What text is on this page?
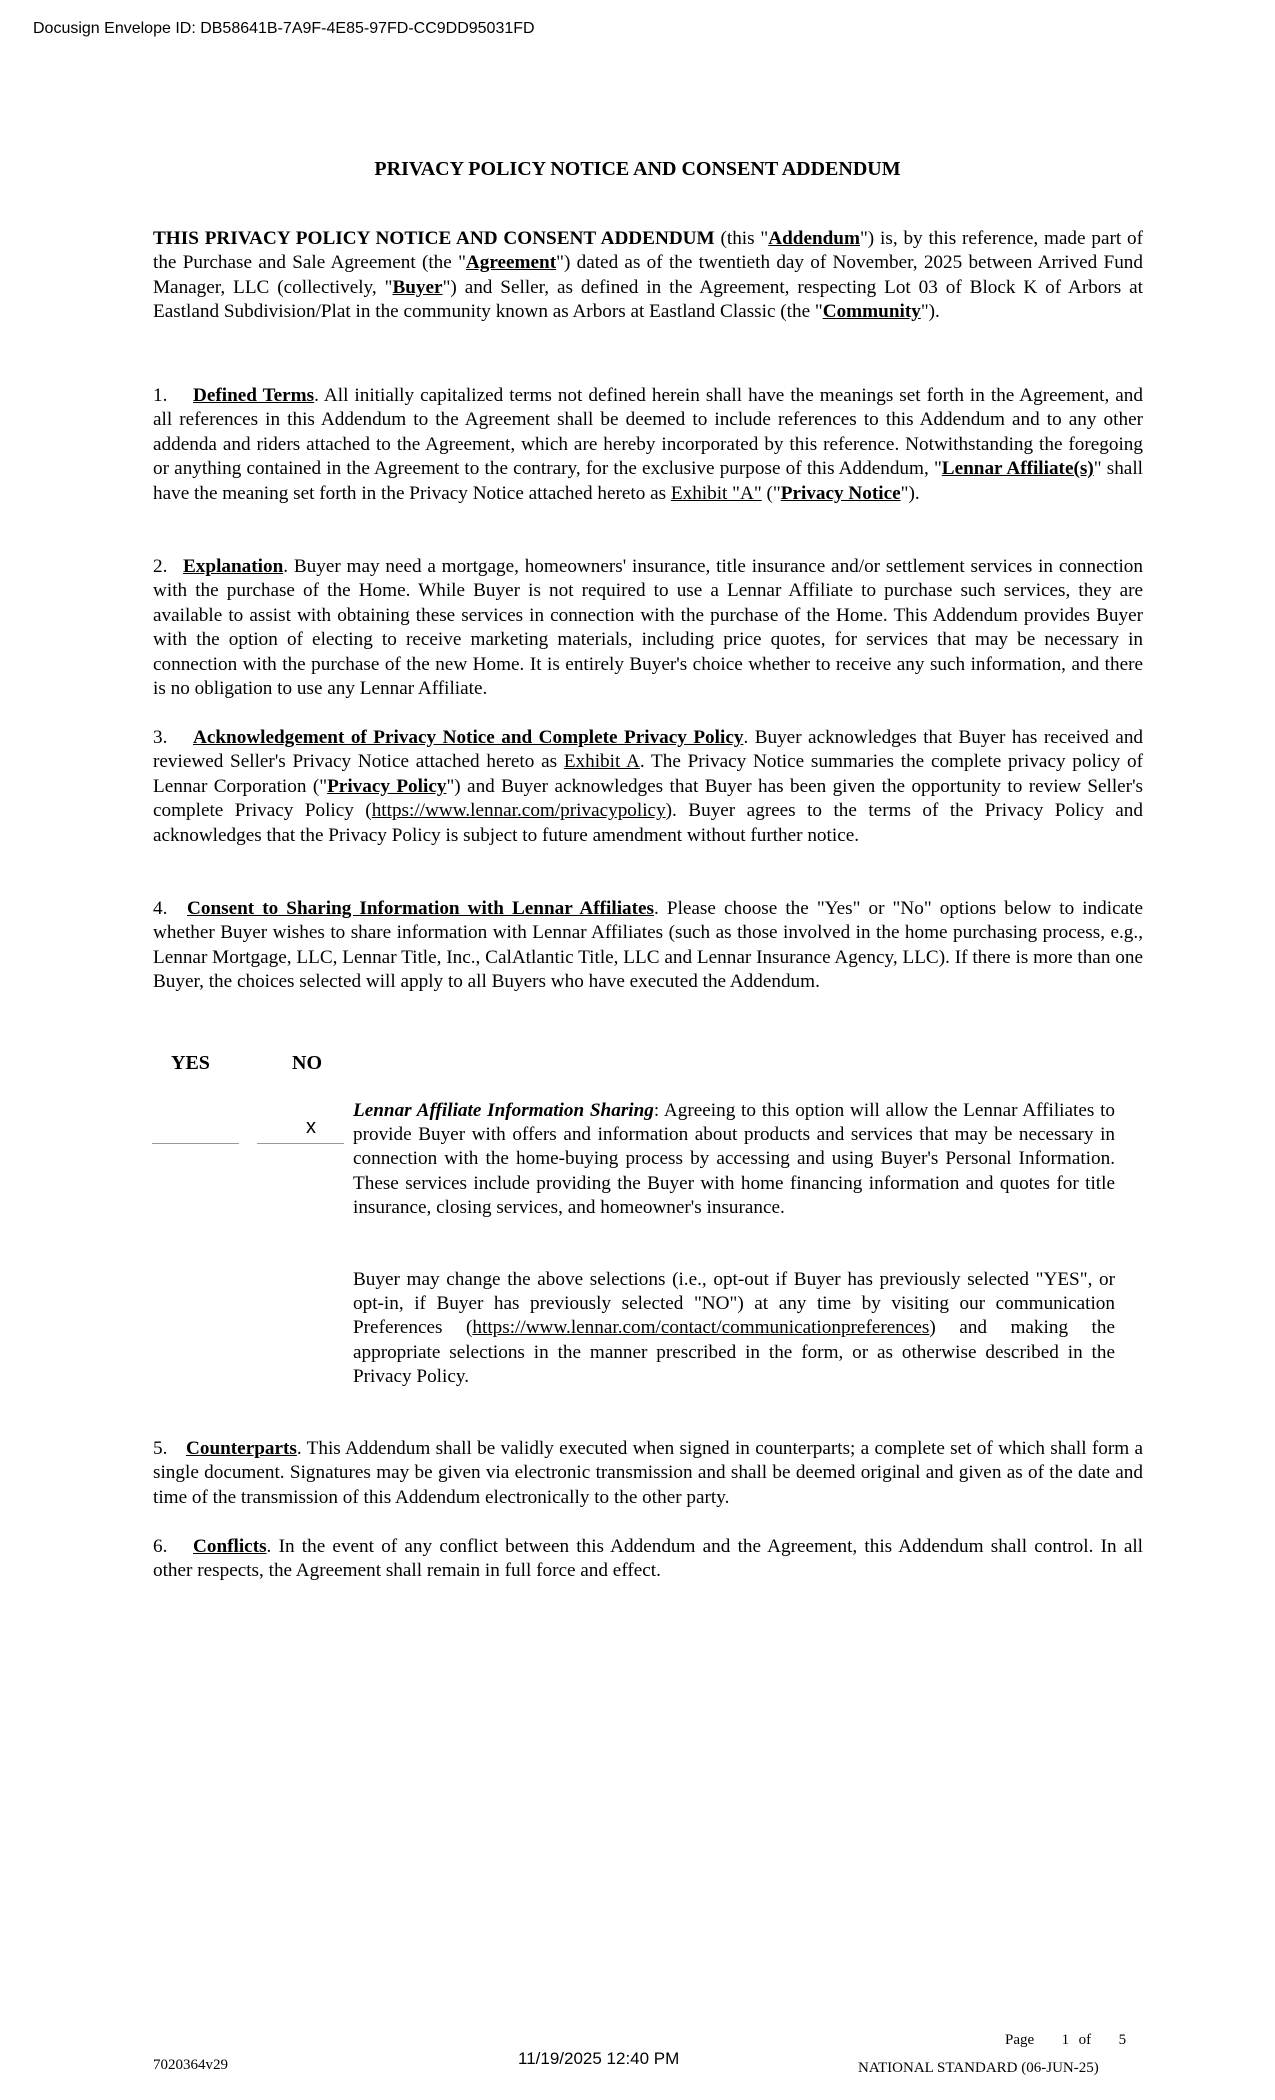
Docusign Envelope ID: DB58641B-7A9F-4E85-97FD-CC9DD95031FD
PRIVACY POLICY NOTICE AND CONSENT ADDENDUM
THIS PRIVACY POLICY NOTICE AND CONSENT ADDENDUM (this "Addendum") is, by this reference, made part of the Purchase and Sale Agreement (the "Agreement") dated as of the twentieth day of November, 2025 between Arrived Fund Manager, LLC (collectively, "Buyer") and Seller, as defined in the Agreement, respecting Lot 03 of Block K of Arbors at Eastland Subdivision/Plat in the community known as Arbors at Eastland Classic (the "Community").
1. Defined Terms. All initially capitalized terms not defined herein shall have the meanings set forth in the Agreement, and all references in this Addendum to the Agreement shall be deemed to include references to this Addendum and to any other addenda and riders attached to the Agreement, which are hereby incorporated by this reference. Notwithstanding the foregoing or anything contained in the Agreement to the contrary, for the exclusive purpose of this Addendum, "Lennar Affiliate(s)" shall have the meaning set forth in the Privacy Notice attached hereto as Exhibit "A" ("Privacy Notice").
2. Explanation. Buyer may need a mortgage, homeowners' insurance, title insurance and/or settlement services in connection with the purchase of the Home. While Buyer is not required to use a Lennar Affiliate to purchase such services, they are available to assist with obtaining these services in connection with the purchase of the Home. This Addendum provides Buyer with the option of electing to receive marketing materials, including price quotes, for services that may be necessary in connection with the purchase of the new Home. It is entirely Buyer's choice whether to receive any such information, and there is no obligation to use any Lennar Affiliate.
3. Acknowledgement of Privacy Notice and Complete Privacy Policy. Buyer acknowledges that Buyer has received and reviewed Seller's Privacy Notice attached hereto as Exhibit A. The Privacy Notice summaries the complete privacy policy of Lennar Corporation ("Privacy Policy") and Buyer acknowledges that Buyer has been given the opportunity to review Seller's complete Privacy Policy (https://www.lennar.com/privacypolicy). Buyer agrees to the terms of the Privacy Policy and acknowledges that the Privacy Policy is subject to future amendment without further notice.
4. Consent to Sharing Information with Lennar Affiliates. Please choose the "Yes" or "No" options below to indicate whether Buyer wishes to share information with Lennar Affiliates (such as those involved in the home purchasing process, e.g., Lennar Mortgage, LLC, Lennar Title, Inc., CalAtlantic Title, LLC and Lennar Insurance Agency, LLC). If there is more than one Buyer, the choices selected will apply to all Buyers who have executed the Addendum.
YES	NO
x
Lennar Affiliate Information Sharing: Agreeing to this option will allow the Lennar Affiliates to provide Buyer with offers and information about products and services that may be necessary in connection with the home-buying process by accessing and using Buyer's Personal Information. These services include providing the Buyer with home financing information and quotes for title insurance, closing services, and homeowner's insurance.
Buyer may change the above selections (i.e., opt-out if Buyer has previously selected "YES", or opt-in, if Buyer has previously selected "NO") at any time by visiting our communication Preferences (https://www.lennar.com/contact/communicationpreferences) and making the appropriate selections in the manner prescribed in the form, or as otherwise described in the Privacy Policy.
5. Counterparts. This Addendum shall be validly executed when signed in counterparts; a complete set of which shall form a single document. Signatures may be given via electronic transmission and shall be deemed original and given as of the date and time of the transmission of this Addendum electronically to the other party.
6. Conflicts. In the event of any conflict between this Addendum and the Agreement, this Addendum shall control. In all other respects, the Agreement shall remain in full force and effect.
7020364v29	11/19/2025 12:40 PM
Page 1 of 5
NATIONAL STANDARD (06-JUN-25)
